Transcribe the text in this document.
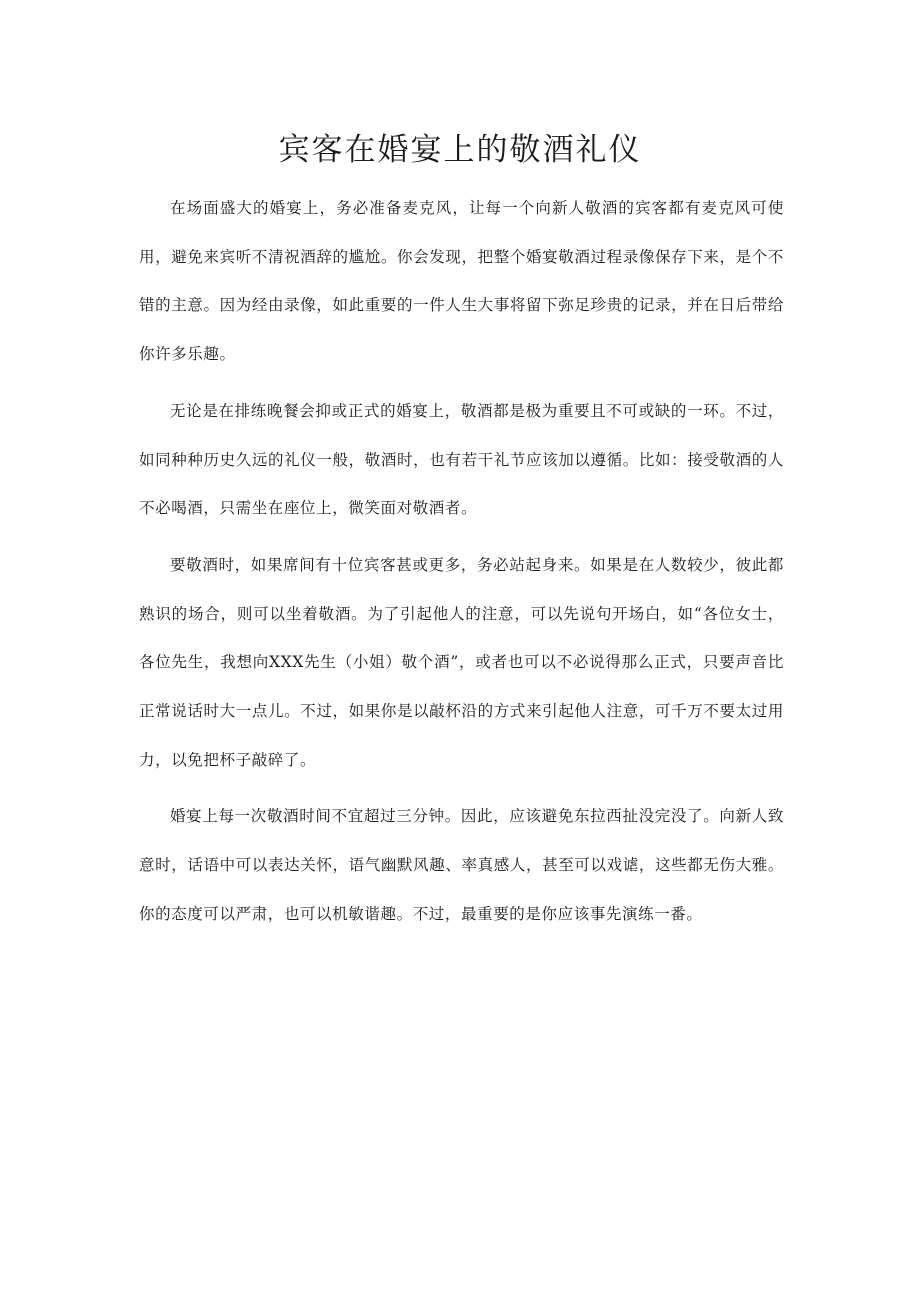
宾客在婚宴上的敬酒礼仪

在场面盛大的婚宴上，务必准备麦克风，让每一个向新人敬酒的宾客都有麦克风可使用，避免来宾听不清祝酒辞的尴尬。你会发现，把整个婚宴敬酒过程录像保存下来，是个不错的主意。因为经由录像，如此重要的一件人生大事将留下弥足珍贵的记录，并在日后带给你许多乐趣。

无论是在排练晚餐会抑或正式的婚宴上，敬酒都是极为重要且不可或缺的一环。不过，如同种种历史久远的礼仪一般，敬酒时，也有若干礼节应该加以遵循。比如：接受敬酒的人不必喝酒，只需坐在座位上，微笑面对敬酒者。

要敬酒时，如果席间有十位宾客甚或更多，务必站起身来。如果是在人数较少，彼此都熟识的场合，则可以坐着敬酒。为了引起他人的注意，可以先说句开场白，如“各位女士，各位先生，我想向XXX先生（小姐）敬个酒”，或者也可以不必说得那么正式，只要声音比正常说话时大一点儿。不过，如果你是以敲杯沿的方式来引起他人注意，可千万不要太过用力，以免把杯子敲碎了。

婚宴上每一次敬酒时间不宜超过三分钟。因此，应该避免东拉西扯没完没了。向新人致意时，话语中可以表达关怀，语气幽默风趣、率真感人，甚至可以戏谑，这些都无伤大雅。你的态度可以严肃，也可以机敏谐趣。不过，最重要的是你应该事先演练一番。
